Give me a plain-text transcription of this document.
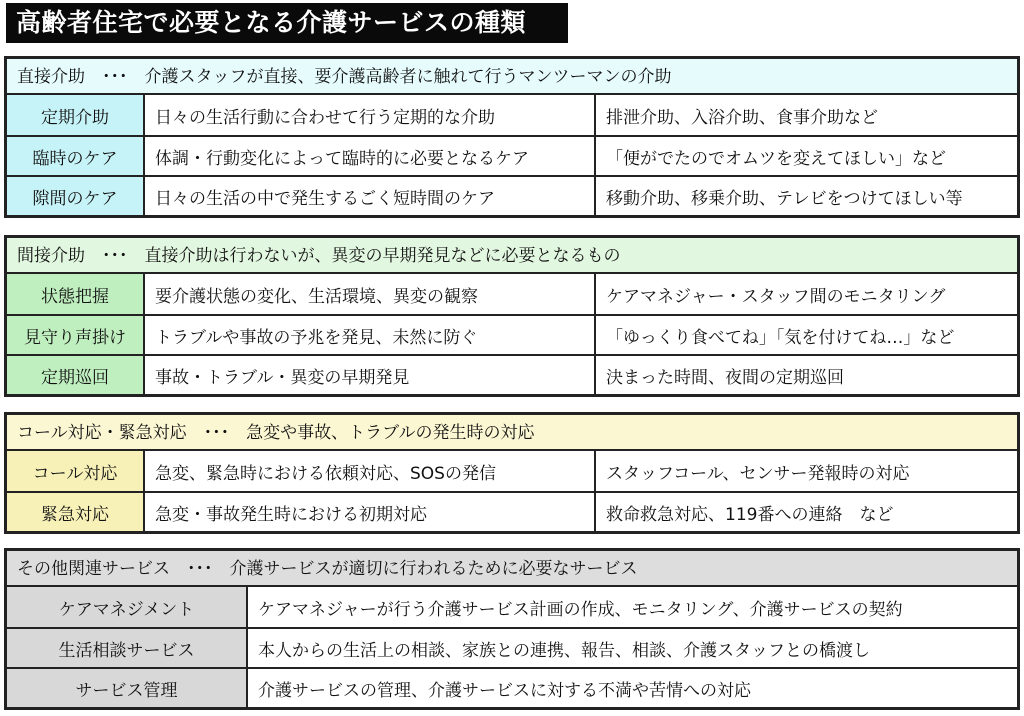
高齢者住宅で必要となる介護サービスの種類
直接介助　･･･　介護スタッフが直接、要介護高齢者に触れて行うマンツーマンの介助
定期介助	日々の生活行動に合わせて行う定期的な介助	排泄介助、入浴介助、食事介助など
臨時のケア	体調・行動変化によって臨時的に必要となるケア	「便がでたのでオムツを変えてほしい」など
隙間のケア	日々の生活の中で発生するごく短時間のケア	移動介助、移乗介助、テレビをつけてほしい等
間接介助　･･･　直接介助は行わないが、異変の早期発見などに必要となるもの
状態把握	要介護状態の変化、生活環境、異変の観察	ケアマネジャー・スタッフ間のモニタリング
見守り声掛け	トラブルや事故の予兆を発見、未然に防ぐ	「ゆっくり食べてね」「気を付けてね…」など
定期巡回	事故・トラブル・異変の早期発見	決まった時間、夜間の定期巡回
コール対応・緊急対応　･･･　急変や事故、トラブルの発生時の対応
コール対応	急変、緊急時における依頼対応、SOSの発信	スタッフコール、センサー発報時の対応
緊急対応	急変・事故発生時における初期対応	救命救急対応、119番への連絡　など
その他関連サービス　･･･　介護サービスが適切に行われるために必要なサービス
ケアマネジメント	ケアマネジャーが行う介護サービス計画の作成、モニタリング、介護サービスの契約
生活相談サービス	本人からの生活上の相談、家族との連携、報告、相談、介護スタッフとの橋渡し
サービス管理	介護サービスの管理、介護サービスに対する不満や苦情への対応
